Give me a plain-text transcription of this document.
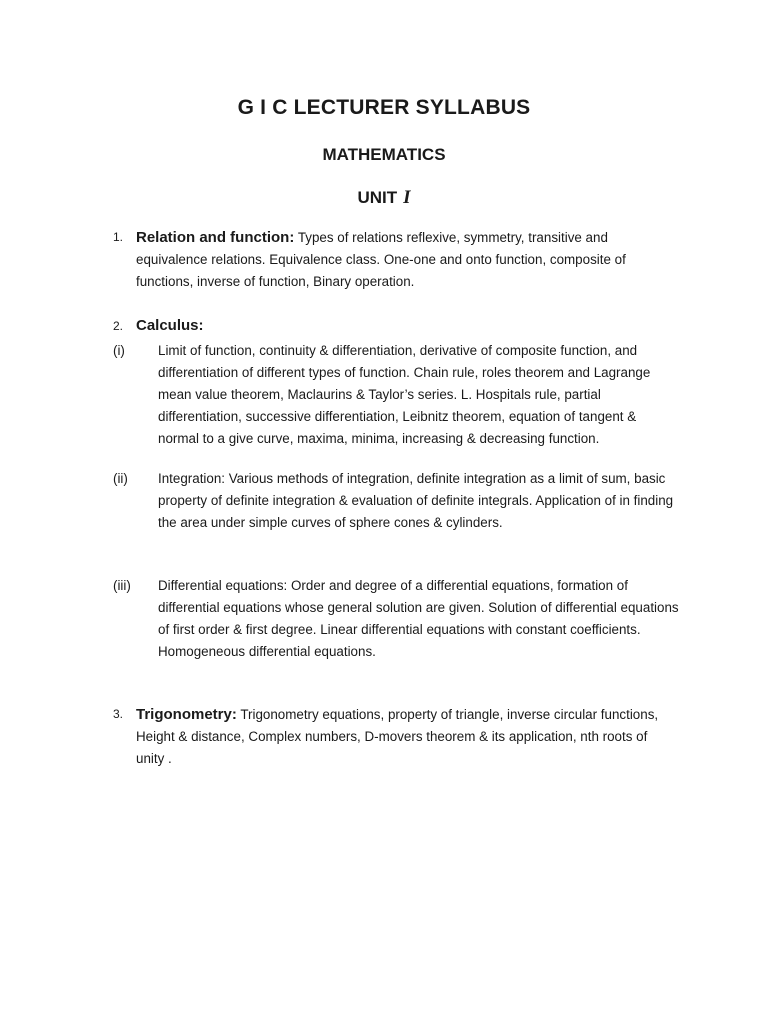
G I C LECTURER SYLLABUS
MATHEMATICS
UNIT I
1. Relation and function: Types of relations reflexive, symmetry, transitive and equivalence relations. Equivalence class. One-one and onto function, composite of functions, inverse of function, Binary operation.
2. Calculus:
(i) Limit of function, continuity & differentiation, derivative of composite function, and differentiation of different types of function. Chain rule, roles theorem and Lagrange mean value theorem, Maclaurins & Taylor’s series. L. Hospitals rule, partial differentiation, successive differentiation, Leibnitz theorem, equation of tangent & normal to a give curve, maxima, minima, increasing & decreasing function.
(ii) Integration: Various methods of integration, definite integration as a limit of sum, basic property of definite integration & evaluation of definite integrals. Application of in finding the area under simple curves of sphere cones & cylinders.
(iii) Differential equations: Order and degree of a differential equations, formation of differential equations whose general solution are given. Solution of differential equations of first order & first degree. Linear differential equations with constant coefficients. Homogeneous differential equations.
3. Trigonometry: Trigonometry equations, property of triangle, inverse circular functions, Height & distance, Complex numbers, D-movers theorem & its application, nth roots of unity .
